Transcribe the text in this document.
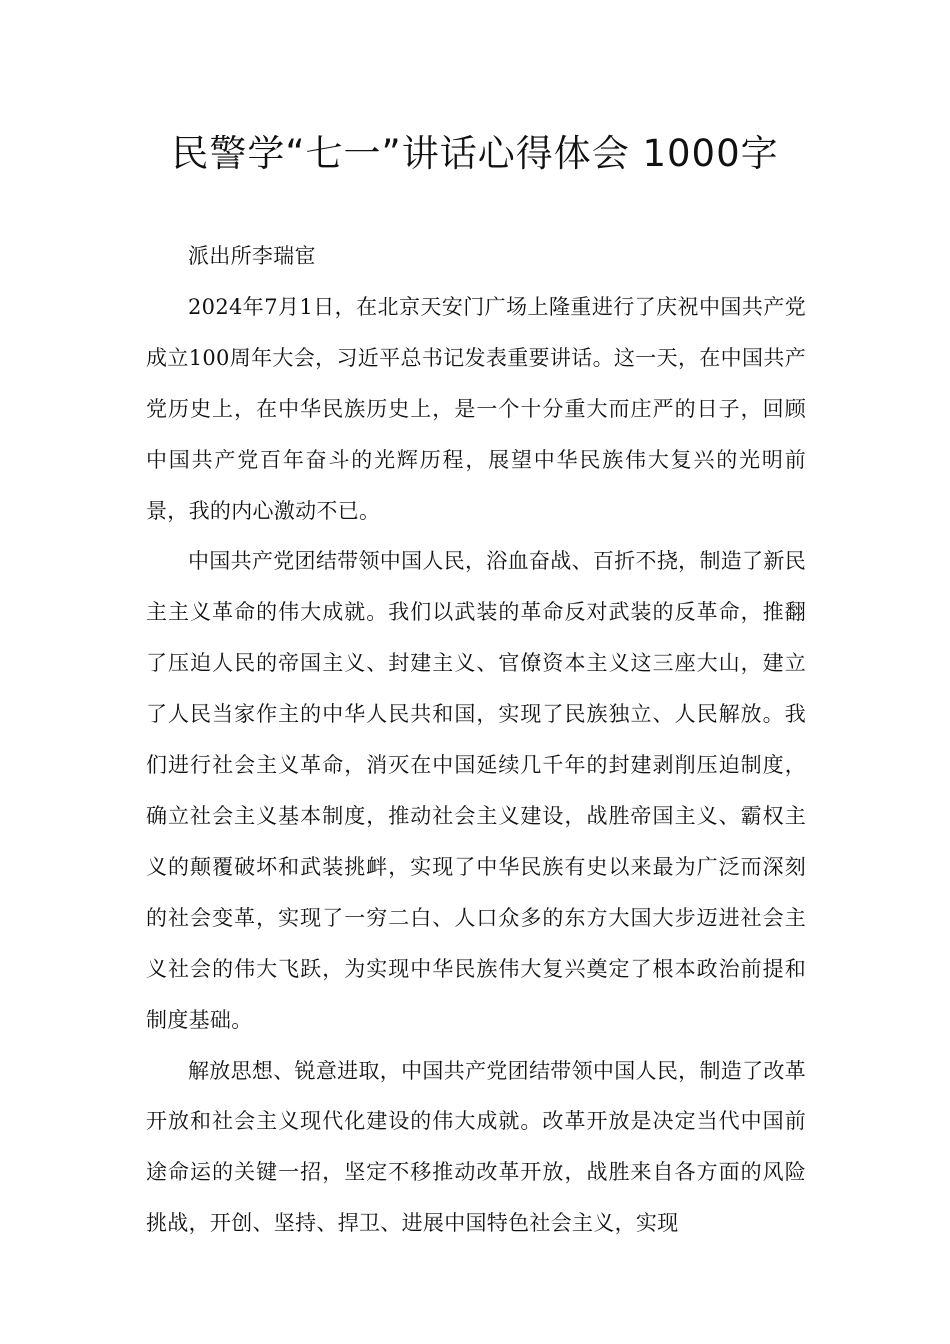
民警学“七一”讲话心得体会 1000字

派出所李瑞宦

2024年7月1日，在北京天安门广场上隆重进行了庆祝中国共产党成立100周年大会，习近平总书记发表重要讲话。这一天，在中国共产党历史上，在中华民族历史上，是一个十分重大而庄严的日子，回顾中国共产党百年奋斗的光辉历程，展望中华民族伟大复兴的光明前景，我的内心激动不已。

中国共产党团结带领中国人民，浴血奋战、百折不挠，制造了新民主主义革命的伟大成就。我们以武装的革命反对武装的反革命，推翻了压迫人民的帝国主义、封建主义、官僚资本主义这三座大山，建立了人民当家作主的中华人民共和国，实现了民族独立、人民解放。我们进行社会主义革命，消灭在中国延续几千年的封建剥削压迫制度，确立社会主义基本制度，推动社会主义建设，战胜帝国主义、霸权主义的颠覆破坏和武装挑衅，实现了中华民族有史以来最为广泛而深刻的社会变革，实现了一穷二白、人口众多的东方大国大步迈进社会主义社会的伟大飞跃，为实现中华民族伟大复兴奠定了根本政治前提和制度基础。

解放思想、锐意进取，中国共产党团结带领中国人民，制造了改革开放和社会主义现代化建设的伟大成就。改革开放是决定当代中国前途命运的关键一招，坚定不移推动改革开放，战胜来自各方面的风险挑战，开创、坚持、捍卫、进展中国特色社会主义，实现
